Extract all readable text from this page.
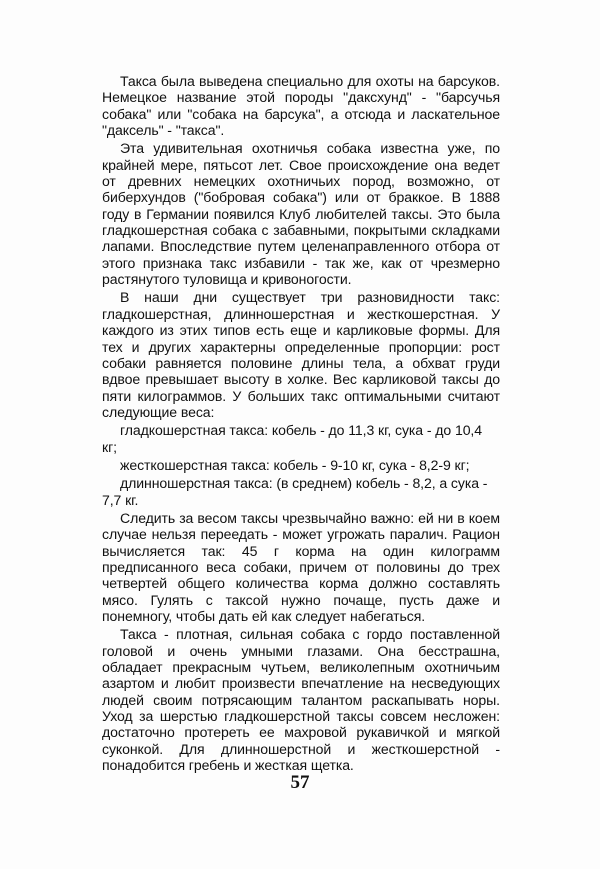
Такса была выведена специально для охоты на барсуков. Немецкое название этой породы "даксхунд" - "барсучья собака" или "собака на барсука", а отсюда и ласкательное "даксель" - "такса".

Эта удивительная охотничья собака известна уже, по крайней мере, пятьсот лет. Свое происхождение она ведет от древних немецких охотничьих пород, возможно, от биберхундов ("бобровая собака") или от браккое. В 1888 году в Германии появился Клуб любителей таксы. Это была гладкошерстная собака с забавными, покрытыми складками лапами. Впоследствие путем целенаправленного отбора от этого признака такс избавили - так же, как от чрезмерно растянутого туловища и кривоногости.

В наши дни существует три разновидности такс: гладкошерстная, длинношерстная и жесткошерстная. У каждого из этих типов есть еще и карликовые формы. Для тех и других характерны определенные пропорции: рост собаки равняется половине длины тела, а обхват груди вдвое превышает высоту в холке. Вес карликовой таксы до пяти килограммов. У больших такс оптимальными считают следующие веса:

гладкошерстная такса: кобель - до 11,3 кг, сука - до 10,4 кг;

жесткошерстная такса: кобель - 9-10 кг, сука - 8,2-9 кг;

длинношерстная такса: (в среднем) кобель - 8,2, а сука - 7,7 кг.

Следить за весом таксы чрезвычайно важно: ей ни в коем случае нельзя переедать - может угрожать паралич. Рацион вычисляется так: 45 г корма на один килограмм предписанного веса собаки, причем от половины до трех четвертей общего количества корма должно составлять мясо. Гулять с таксой нужно почаще, пусть даже и понемногу, чтобы дать ей как следует набегаться.

Такса - плотная, сильная собака с гордо поставленной головой и очень умными глазами. Она бесстрашна, обладает прекрасным чутьем, великолепным охотничьим азартом и любит произвести впечатление на несведующих людей своим потрясающим талантом раскапывать норы. Уход за шерстью гладкошерстной таксы совсем несложен: достаточно протереть ее махровой рукавичкой и мягкой суконкой. Для длинношерстной и жесткошерстной - понадобится гребень и жесткая щетка.

57
